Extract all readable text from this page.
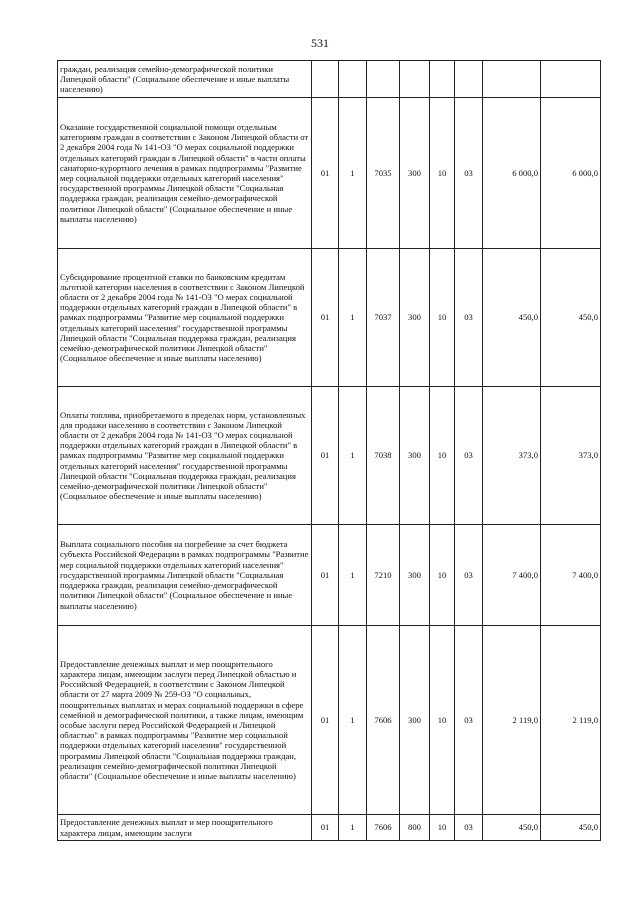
531
граждан, реализация семейно-демографической политики Липецкой области" (Социальное обеспечение и иные выплаты населению)								
Оказание государственной социальной помощи отдельным категориям граждан в соответствии с Законом Липецкой области от 2 декабря 2004 года № 141-ОЗ "О мерах социальной поддержки отдельных категорий граждан в Липецкой области" в части оплаты санаторно-курортного лечения в рамках подпрограммы "Развитие мер социальной поддержки отдельных категорий населения" государственной программы Липецкой области "Социальная поддержка граждан, реализация семейно-демографической политики Липецкой области" (Социальное обеспечение и иные выплаты населению)	01	1	7035	300	10	03	6 000,0	6 000,0
Субсидирование процентной ставки по банковским кредитам льготной категории населения в соответствии с Законом Липецкой области от 2 декабря 2004 года № 141-ОЗ "О мерах социальной поддержки отдельных категорий граждан в Липецкой области" в рамках подпрограммы "Развитие мер социальной поддержки отдельных категорий населения" государственной программы Липецкой области "Социальная поддержка граждан, реализация семейно-демографической политики Липецкой области" (Социальное обеспечение и иные выплаты населению)	01	1	7037	300	10	03	450,0	450,0
Оплаты топлива, приобретаемого в пределах норм, установленных для продажи населению в соответствии с Законом Липецкой области от 2 декабря 2004 года № 141-ОЗ "О мерах социальной поддержки отдельных категорий граждан в Липецкой области" в рамках подпрограммы "Развитие мер социальной поддержки отдельных категорий населения" государственной программы Липецкой области "Социальная поддержка граждан, реализация семейно-демографической политики Липецкой области" (Социальное обеспечение и иные выплаты населению)	01	1	7038	300	10	03	373,0	373,0
Выплата социального пособия на погребение за счет бюджета субъекта Российской Федерации в рамках подпрограммы "Развитие мер социальной поддержки отдельных категорий населения" государственной программы Липецкой области "Социальная поддержка граждан, реализация семейно-демографической политики Липецкой области" (Социальное обеспечение и иные выплаты населению)	01	1	7210	300	10	03	7 400,0	7 400,0
Предоставление денежных выплат и мер поощрительного характера лицам, имеющим заслуги перед Липецкой областью и Российской Федерацией, в соответствии с Законом Липецкой области от 27 марта 2009 № 259-ОЗ "О социальных, поощрительных выплатах и мерах социальной поддержки в сфере семейной и демографической политики, а также лицам, имеющим особые заслуги перед Российской Федерацией и Липецкой областью" в рамках подпрограммы "Развитие мер социальной поддержки отдельных категорий населения" государственной программы Липецкой области "Социальная поддержка граждан, реализация семейно-демографической политики Липецкой области" (Социальное обеспечение и иные выплаты населению)	01	1	7606	300	10	03	2 119,0	2 119,0
Предоставление денежных выплат и мер поощрительного характера лицам, имеющим заслуги	01	1	7606	800	10	03	450,0	450,0
